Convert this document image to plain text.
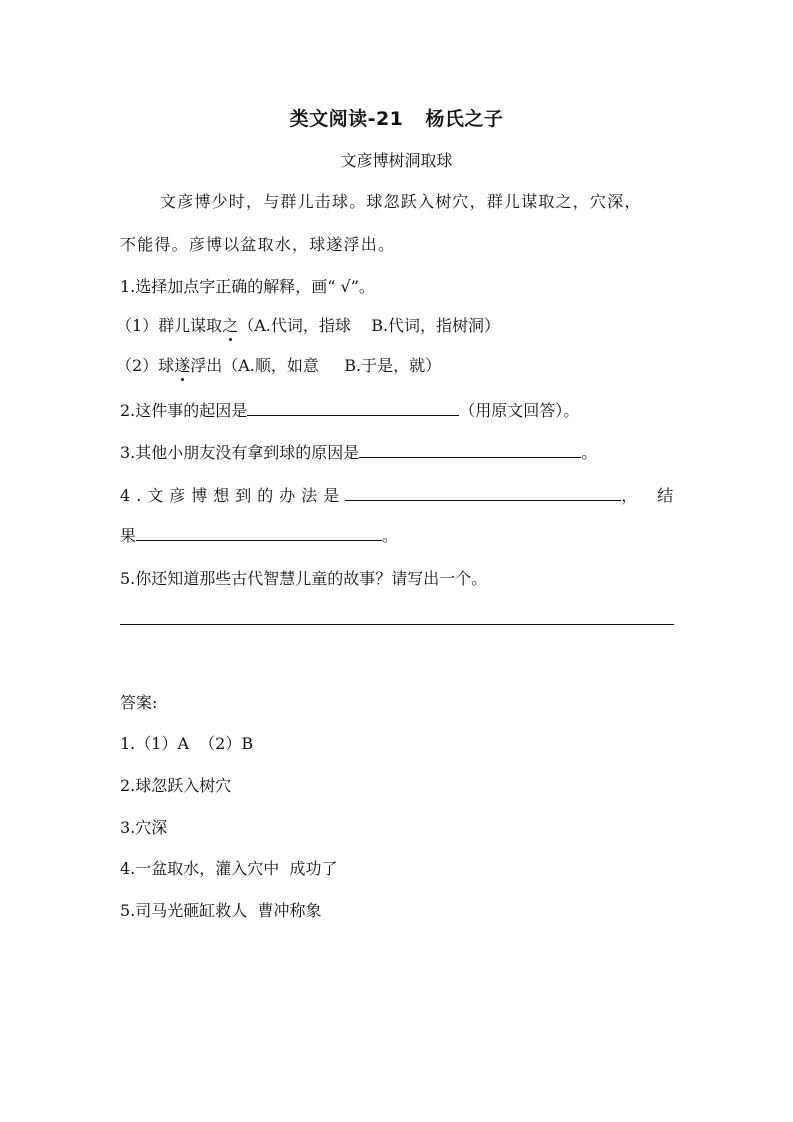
类文阅读-21 杨氏之子
文彦博树洞取球
文彦博少时，与群儿击球。球忽跃入树穴，群儿谋取之，穴深，
不能得。彦博以盆取水，球遂浮出。
1.选择加点字正确的解释，画“ √”。
（1）群儿谋取之（A.代词，指球    B.代词，指树洞）
（2）球遂浮出（A.顺，如意     B.于是，就）
2.这件事的起因是	（用原文回答）。
3.其他小朋友没有拿到球的原因是	。
4.文彦博想到的办法是	，结
果	。
5.你还知道那些古代智慧儿童的故事？请写出一个。
答案:
1.（1）A  （2）B
2.球忽跃入树穴
3.穴深
4.一盆取水，灌入穴中  成功了
5.司马光砸缸救人  曹冲称象
